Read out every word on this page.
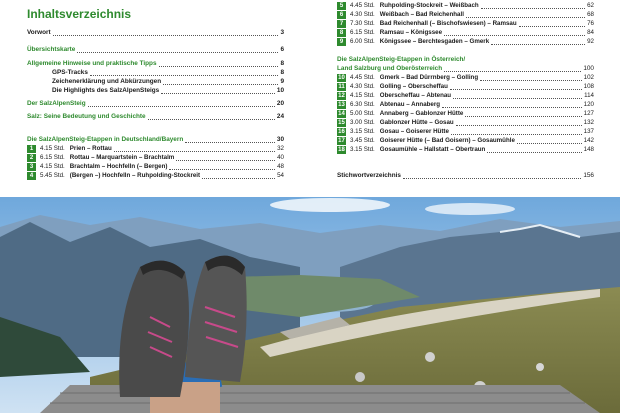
Inhaltsverzeichnis
Vorwort	3
Übersichtskarte	6
Allgemeine Hinweise und praktische Tipps	8
GPS-Tracks	8
Zeichenerklärung und Abkürzungen	9
Die Highlights des SalzAlpenSteigs	10
Der SalzAlpenSteig	20
Salz: Seine Bedeutung und Geschichte	24
Die SalzAlpenSteig-Etappen in Deutschland/Bayern	30
1	4.15 Std. Prien – Rottau	32
2	6.15 Std. Rottau – Marquartstein – Brachtalm	40
3	4.15 Std. Brachtalm – Hochfelln (– Bergen)	48
4	5.45 Std. (Bergen –) Hochfelln – Ruhpolding-Stockreit	54
5	4.45 Std. Ruhpolding-Stockreit – Weißbach	62
6	4.30 Std. Weißbach – Bad Reichenhall	68
7	7.30 Std. Bad Reichenhall (– Bischofswiesen) – Ramsau	76
8	6.15 Std. Ramsau – Königssee	84
9	6.00 Std. Königssee – Berchtesgaden – Gmerk	92
Die SalzAlpenSteig-Etappen in Österreich/
Land Salzburg und Oberösterreich	100
10 4.45 Std. Gmerk – Bad Dürrnberg – Golling	102
11 4.30 Std. Golling – Oberscheffau	108
12 4.15 Std. Oberscheffau – Abtenau	114
13 6.30 Std. Abtenau – Annaberg	120
14 5.00 Std. Annaberg – Gablonzer Hütte	127
15 3.00 Std. Gablonzer Hütte – Gosau	132
16 3.15 Std. Gosau – Goiserer Hütte	137
17 3.45 Std. Goiserer Hütte (– Bad Goisern) – Gosaumühle	142
18 3.15 Std. Gosaumühle – Hallstatt – Obertraun	148
Stichwortverzeichnis	156
